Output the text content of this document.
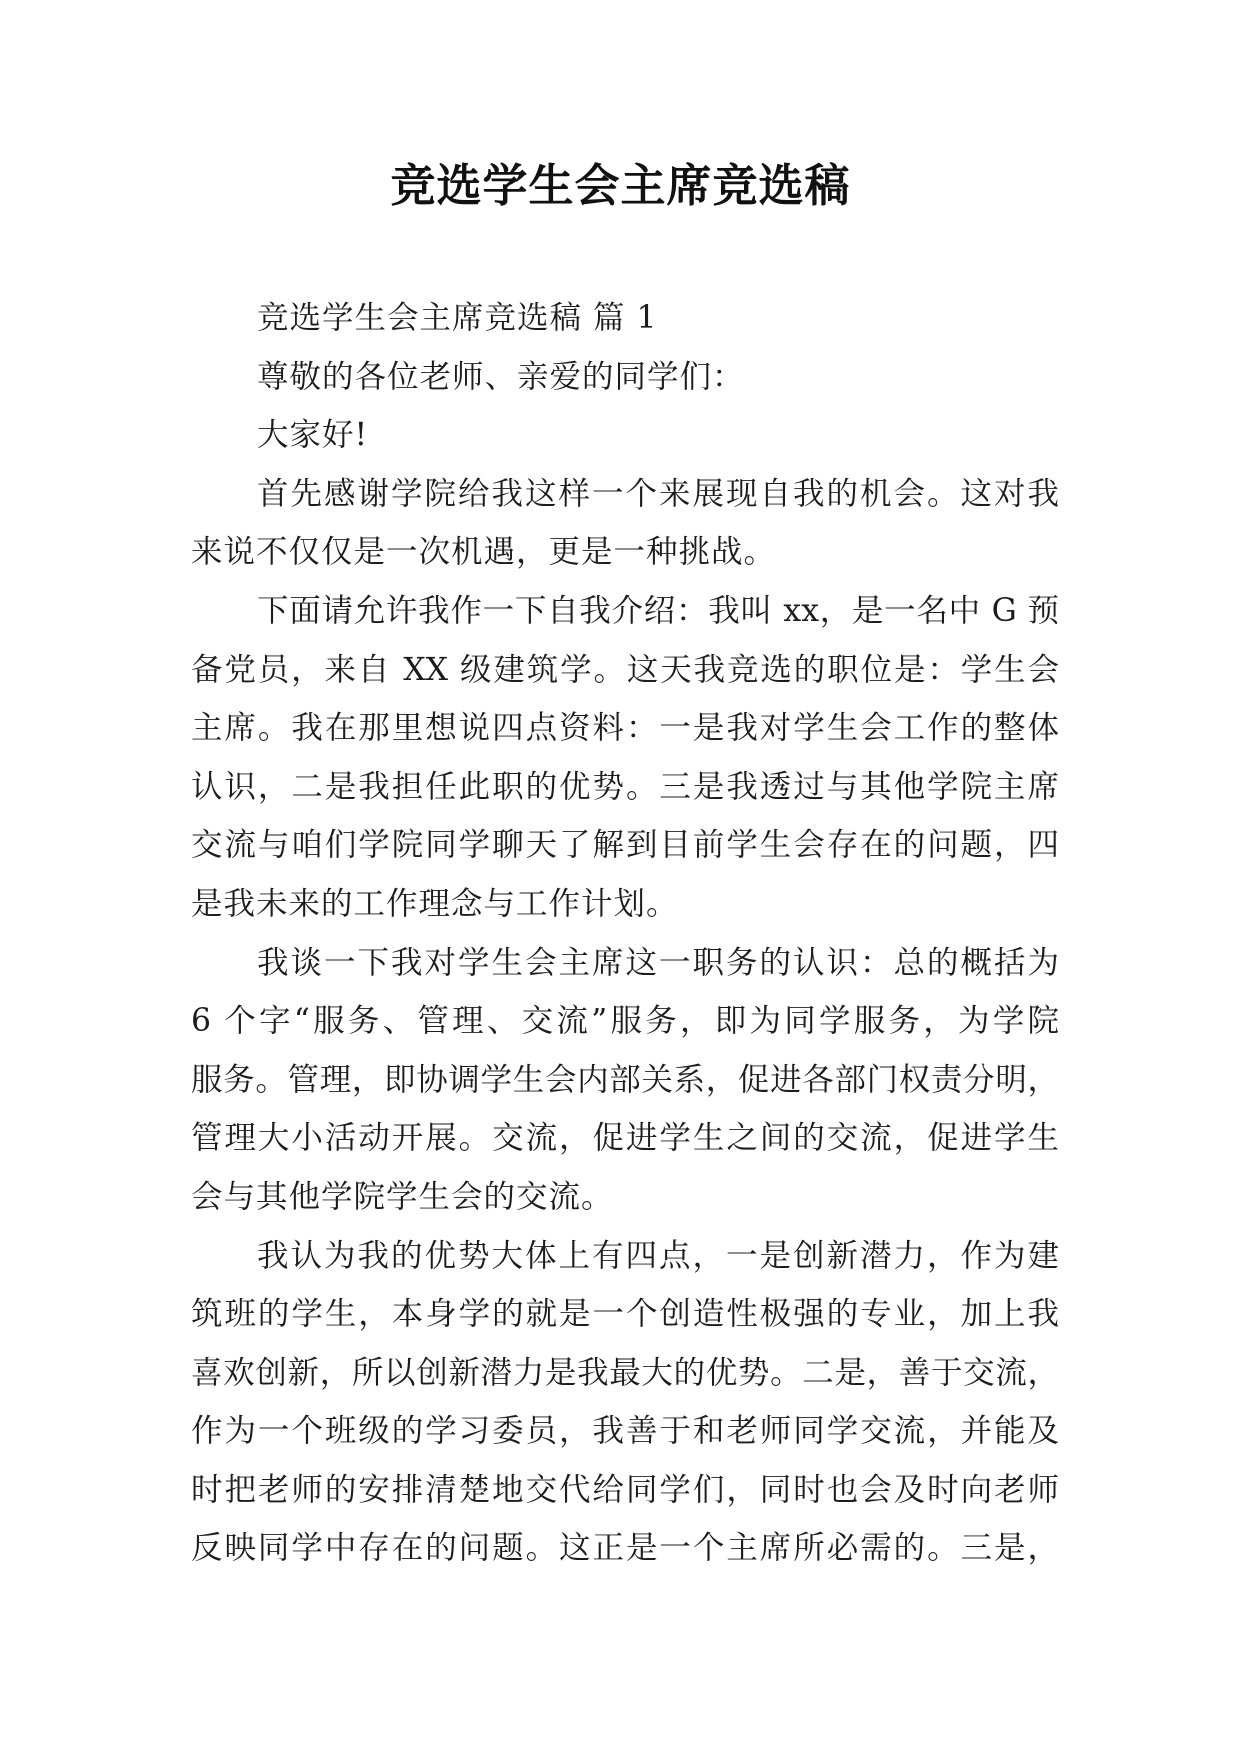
竞选学生会主席竞选稿
竞选学生会主席竞选稿 篇 1
尊敬的各位老师、亲爱的同学们：
大家好!
首先感谢学院给我这样一个来展现自我的机会。这对我
来说不仅仅是一次机遇，更是一种挑战。
下面请允许我作一下自我介绍：我叫 xx，是一名中 G 预
备党员，来自 XX 级建筑学。这天我竞选的职位是：学生会
主席。我在那里想说四点资料：一是我对学生会工作的整体
认识，二是我担任此职的优势。三是我透过与其他学院主席
交流与咱们学院同学聊天了解到目前学生会存在的问题，四
是我未来的工作理念与工作计划。
我谈一下我对学生会主席这一职务的认识：总的概括为
6 个字“服务、管理、交流”服务，即为同学服务，为学院
服务。管理，即协调学生会内部关系，促进各部门权责分明，
管理大小活动开展。交流，促进学生之间的交流，促进学生
会与其他学院学生会的交流。
我认为我的优势大体上有四点，一是创新潜力，作为建
筑班的学生，本身学的就是一个创造性极强的专业，加上我
喜欢创新，所以创新潜力是我最大的优势。二是，善于交流，
作为一个班级的学习委员，我善于和老师同学交流，并能及
时把老师的安排清楚地交代给同学们，同时也会及时向老师
反映同学中存在的问题。这正是一个主席所必需的。三是，
